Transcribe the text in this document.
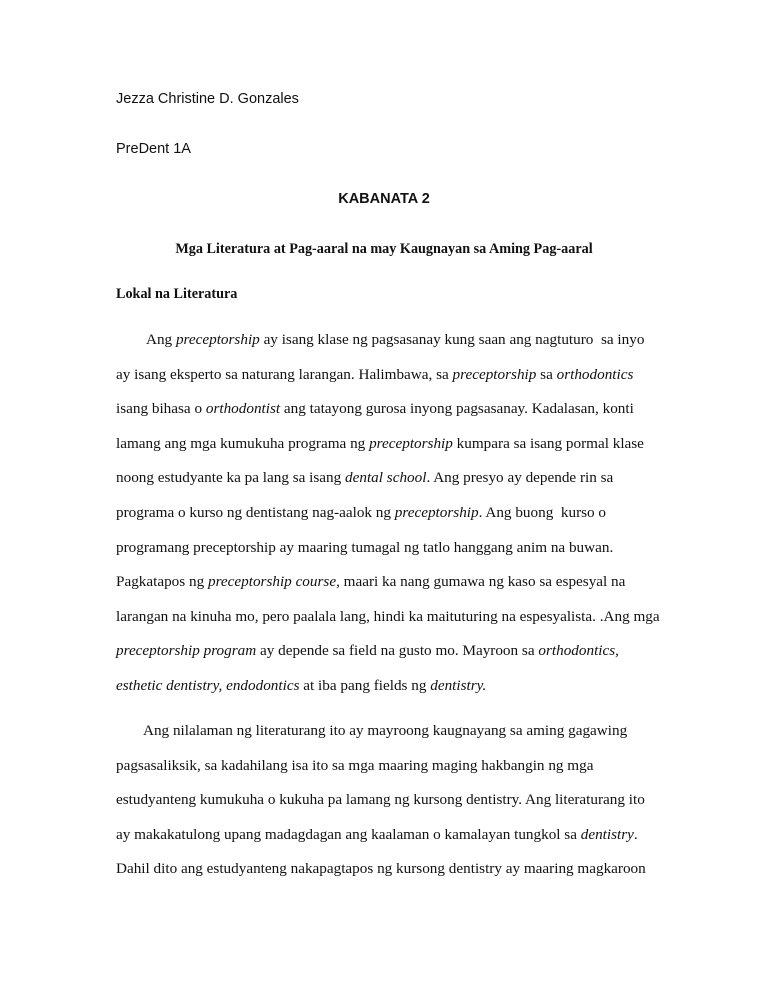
Jezza Christine D. Gonzales
PreDent 1A
KABANATA 2
Mga Literatura at Pag-aaral na may Kaugnayan sa Aming Pag-aaral
Lokal na Literatura
Ang preceptorship ay isang klase ng pagsasanay kung saan ang nagtuturo  sa inyo
ay isang eksperto sa naturang larangan. Halimbawa, sa preceptorship sa orthodontics
isang bihasa o orthodontist ang tatayong gurosa inyong pagsasanay. Kadalasan, konti
lamang ang mga kumukuha programa ng preceptorship kumpara sa isang pormal klase
noong estudyante ka pa lang sa isang dental school. Ang presyo ay depende rin sa
programa o kurso ng dentistang nag-aalok ng preceptorship. Ang buong  kurso o
programang preceptorship ay maaring tumagal ng tatlo hanggang anim na buwan.
Pagkatapos ng preceptorship course, maari ka nang gumawa ng kaso sa espesyal na
larangan na kinuha mo, pero paalala lang, hindi ka maituturing na espesyalista. .Ang mga
preceptorship program ay depende sa field na gusto mo. Mayroon sa orthodontics,
esthetic dentistry, endodontics at iba pang fields ng dentistry.
Ang nilalaman ng literaturang ito ay mayroong kaugnayang sa aming gagawing
pagsasaliksik, sa kadahilang isa ito sa mga maaring maging hakbangin ng mga
estudyanteng kumukuha o kukuha pa lamang ng kursong dentistry. Ang literaturang ito
ay makakatulong upang madagdagan ang kaalaman o kamalayan tungkol sa dentistry.
Dahil dito ang estudyanteng nakapagtapos ng kursong dentistry ay maaring magkaroon
